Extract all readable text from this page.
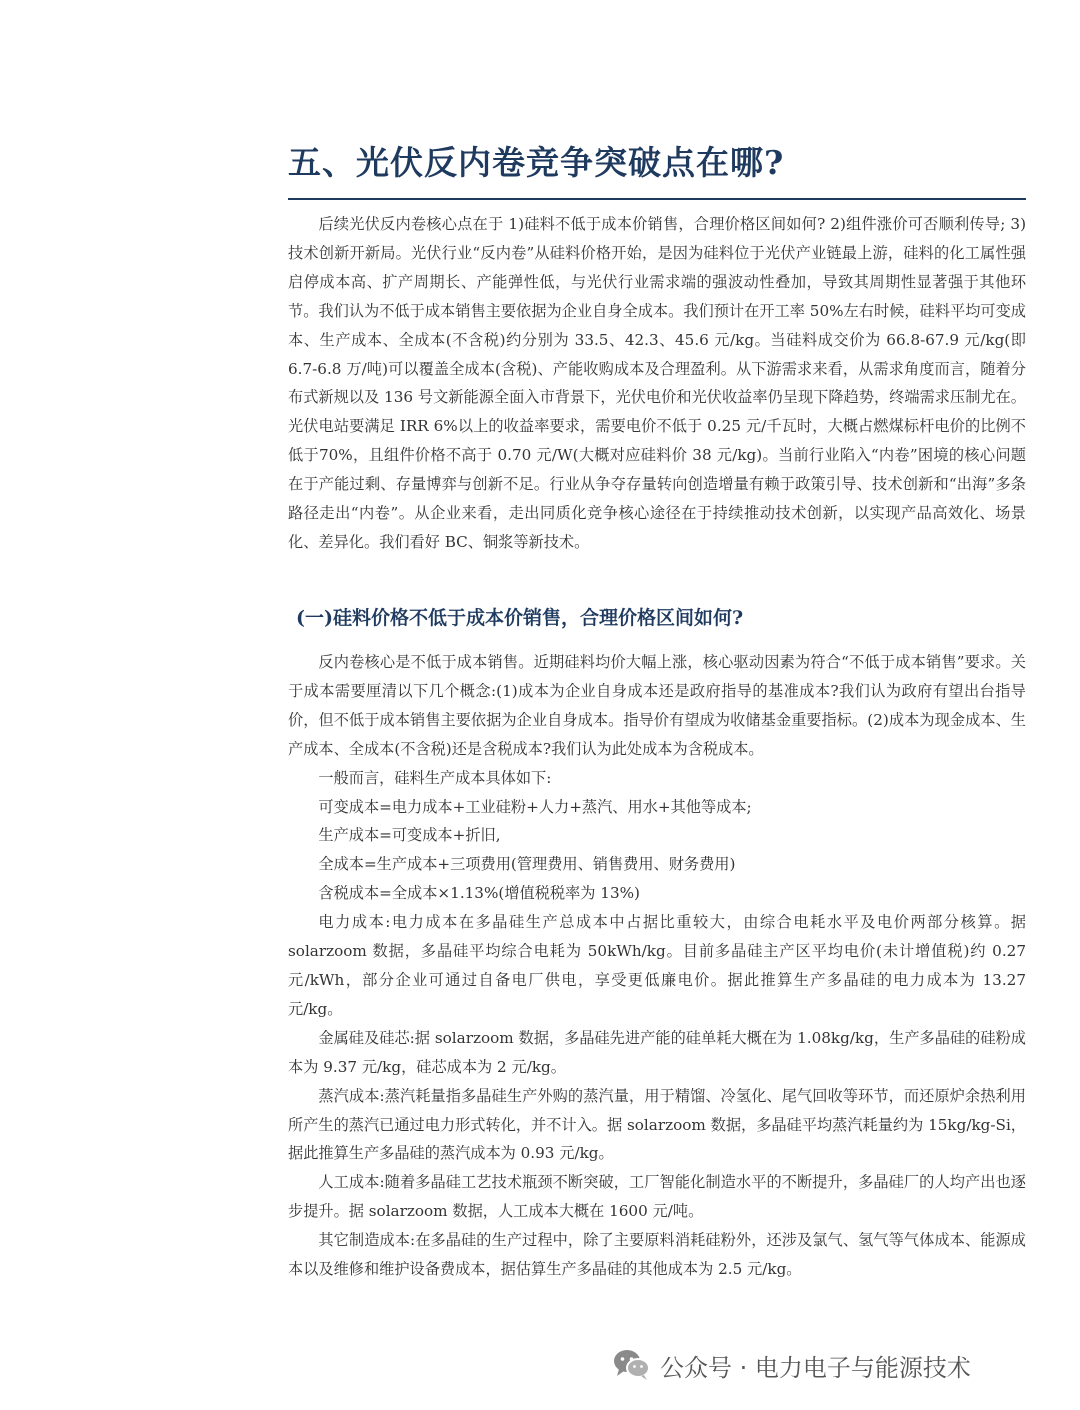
五、光伏反内卷竞争突破点在哪?

后续光伏反内卷核心点在于 1)硅料不低于成本价销售，合理价格区间如何? 2)组件涨价可否顺利传导; 3)技术创新开新局。光伏行业“反内卷”从硅料价格开始，是因为硅料位于光伏产业链最上游，硅料的化工属性强启停成本高、扩产周期长、产能弹性低，与光伏行业需求端的强波动性叠加，导致其周期性显著强于其他环节。我们认为不低于成本销售主要依据为企业自身全成本。我们预计在开工率 50%左右时候，硅料平均可变成本、生产成本、全成本(不含税)约分别为 33.5、42.3、45.6 元/kg。当硅料成交价为 66.8-67.9 元/kg(即 6.7-6.8 万/吨)可以覆盖全成本(含税)、产能收购成本及合理盈利。从下游需求来看，从需求角度而言，随着分布式新规以及 136 号文新能源全面入市背景下，光伏电价和光伏收益率仍呈现下降趋势，终端需求压制尤在。光伏电站要满足 IRR 6%以上的收益率要求，需要电价不低于 0.25 元/千瓦时，大概占燃煤标杆电价的比例不低于70%，且组件价格不高于 0.70 元/W(大概对应硅料价 38 元/kg)。当前行业陷入“内卷”困境的核心问题在于产能过剩、存量博弈与创新不足。行业从争夺存量转向创造增量有赖于政策引导、技术创新和“出海”多条路径走出“内卷”。从企业来看，走出同质化竞争核心途径在于持续推动技术创新，以实现产品高效化、场景化、差异化。我们看好 BC、铜浆等新技术。

(一)硅料价格不低于成本价销售，合理价格区间如何?

反内卷核心是不低于成本销售。近期硅料均价大幅上涨，核心驱动因素为符合“不低于成本销售”要求。关于成本需要厘清以下几个概念:(1)成本为企业自身成本还是政府指导的基准成本?我们认为政府有望出台指导价，但不低于成本销售主要依据为企业自身成本。指导价有望成为收储基金重要指标。(2)成本为现金成本、生产成本、全成本(不含税)还是含税成本?我们认为此处成本为含税成本。

一般而言，硅料生产成本具体如下:

可变成本=电力成本+工业硅粉+人力+蒸汽、用水+其他等成本;

生产成本=可变成本+折旧,

全成本=生产成本+三项费用(管理费用、销售费用、财务费用)

含税成本=全成本×1.13%(增值税税率为 13%)

电力成本:电力成本在多晶硅生产总成本中占据比重较大，由综合电耗水平及电价两部分核算。据 solarzoom 数据，多晶硅平均综合电耗为 50kWh/kg。目前多晶硅主产区平均电价(未计增值税)约 0.27 元/kWh，部分企业可通过自备电厂供电，享受更低廉电价。据此推算生产多晶硅的电力成本为 13.27 元/kg。

金属硅及硅芯:据 solarzoom 数据，多晶硅先进产能的硅单耗大概在为 1.08kg/kg，生产多晶硅的硅粉成本为 9.37 元/kg，硅芯成本为 2 元/kg。

蒸汽成本:蒸汽耗量指多晶硅生产外购的蒸汽量，用于精馏、冷氢化、尾气回收等环节，而还原炉余热利用所产生的蒸汽已通过电力形式转化，并不计入。据 solarzoom 数据，多晶硅平均蒸汽耗量约为 15kg/kg-Si，据此推算生产多晶硅的蒸汽成本为 0.93 元/kg。

人工成本:随着多晶硅工艺技术瓶颈不断突破，工厂智能化制造水平的不断提升，多晶硅厂的人均产出也逐步提升。据 solarzoom 数据，人工成本大概在 1600 元/吨。

其它制造成本:在多晶硅的生产过程中，除了主要原料消耗硅粉外，还涉及氯气、氢气等气体成本、能源成本以及维修和维护设备费成本，据估算生产多晶硅的其他成本为 2.5 元/kg。

公众号 · 电力电子与能源技术
